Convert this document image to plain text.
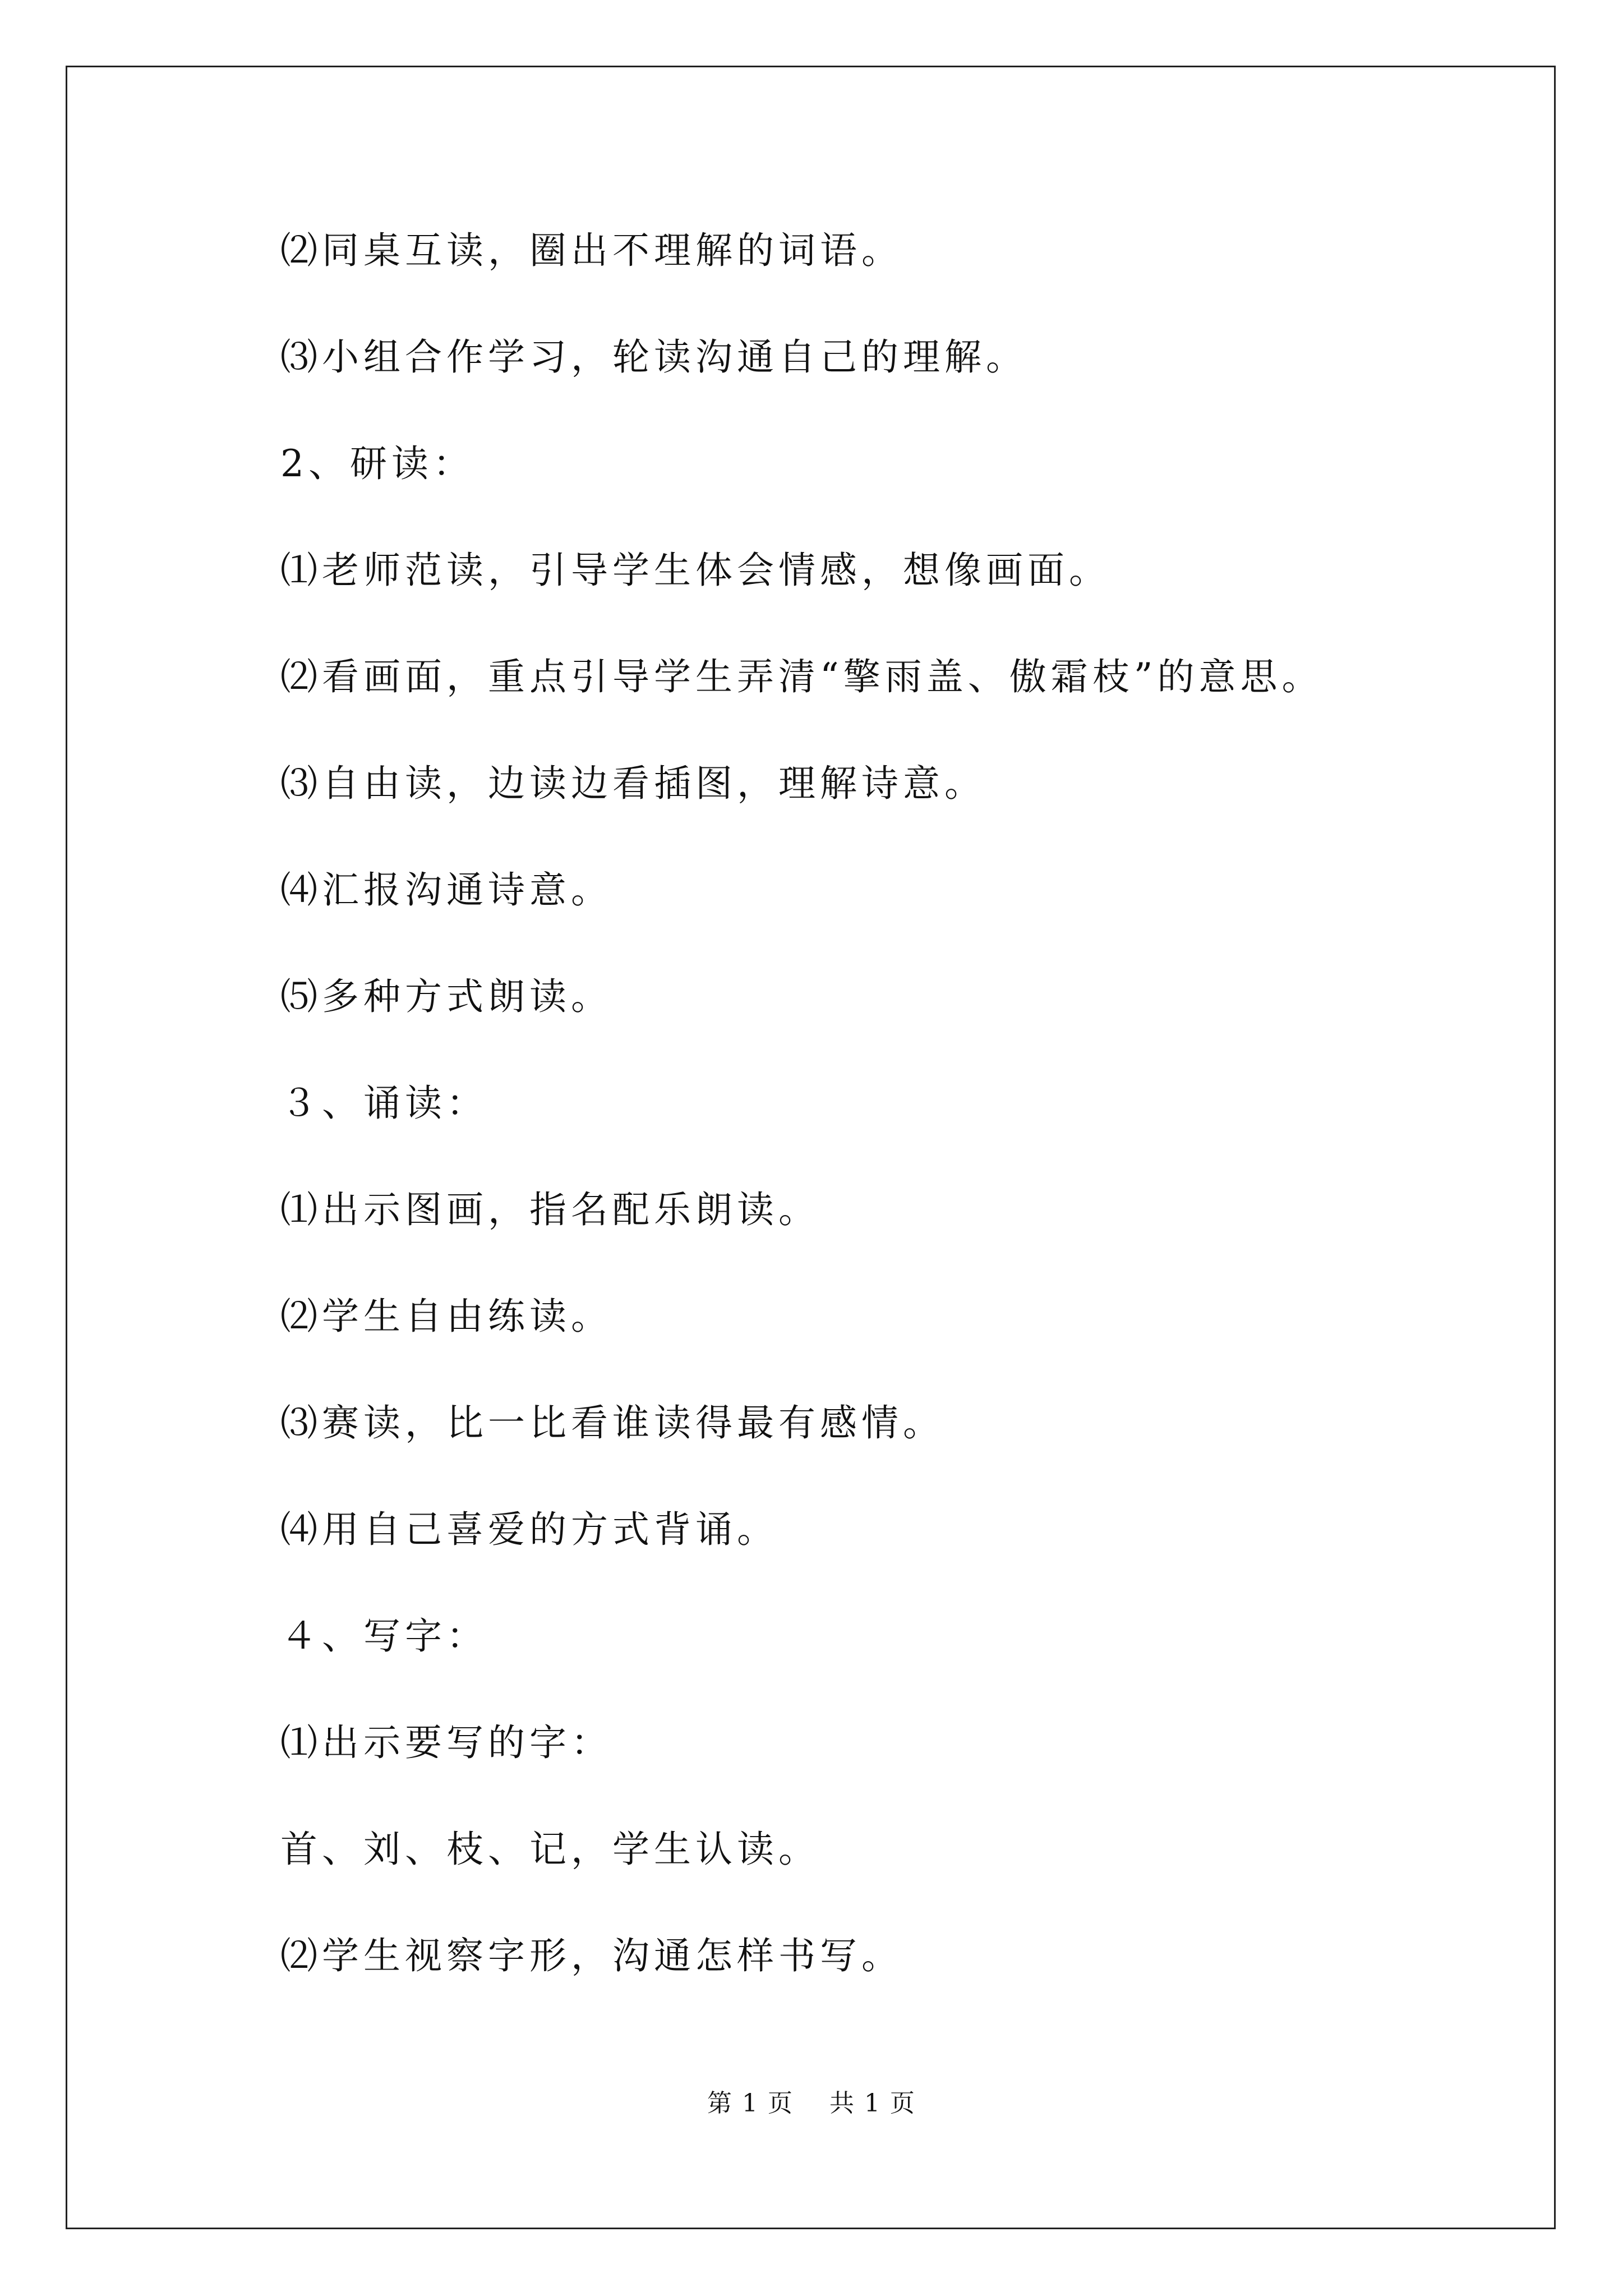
⑵同桌互读，圈出不理解的词语。

⑶小组合作学习，轮读沟通自己的理解。

2、研读：

⑴老师范读，引导学生体会情感，想像画面。

⑵看画面，重点引导学生弄清“擎雨盖、傲霜枝”的意思。

⑶自由读，边读边看插图，理解诗意。

⑷汇报沟通诗意。

⑸多种方式朗读。

３、诵读：

⑴出示图画，指名配乐朗读。

⑵学生自由练读。

⑶赛读，比一比看谁读得最有感情。

⑷用自己喜爱的方式背诵。

４、写字：

⑴出示要写的字：

首、刘、枝、记，学生认读。

⑵学生视察字形，沟通怎样书写。

第 1 页    共 1 页
